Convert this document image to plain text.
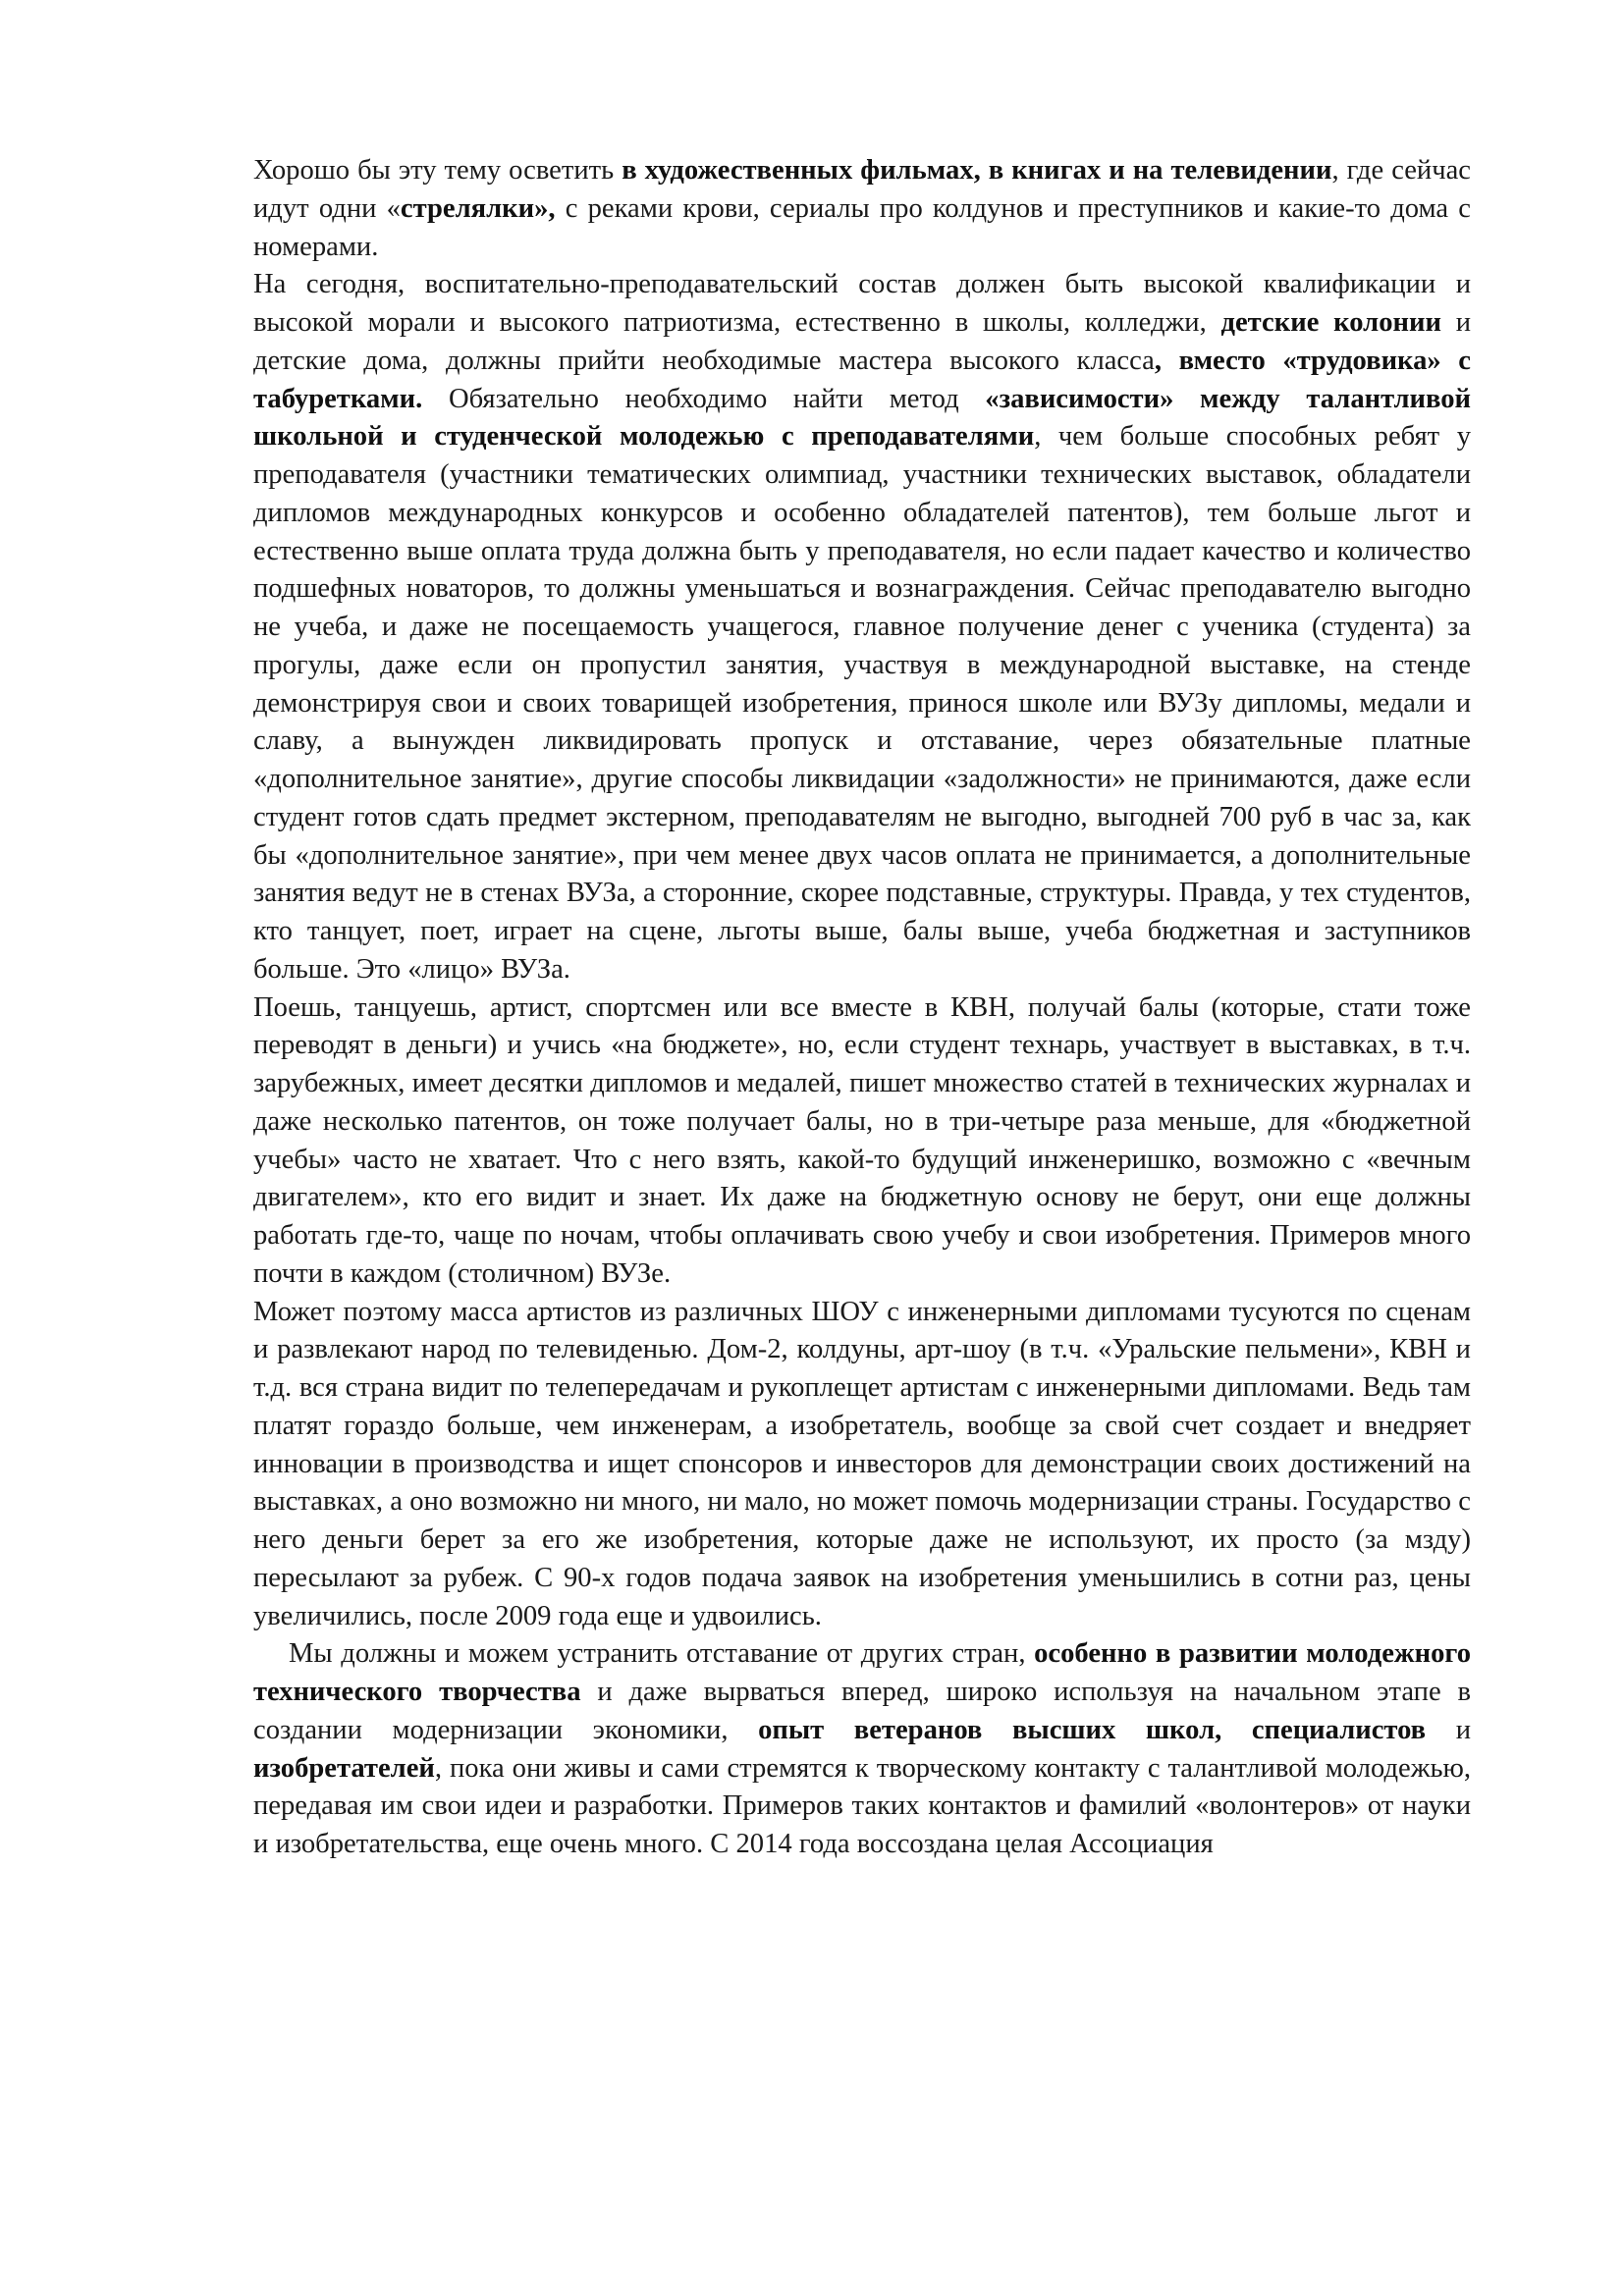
Хорошо бы эту тему осветить в художественных фильмах, в книгах и на телевидении, где сейчас идут одни «стрелялки», с реками крови, сериалы про колдунов и преступников и какие-то дома с номерами.

На сегодня, воспитательно-преподавательский состав должен быть высокой квалификации и высокой морали и высокого патриотизма, естественно в школы, колледжи, детские колонии и детские дома, должны прийти необходимые мастера высокого класса, вместо «трудовика» с табуретками. Обязательно необходимо найти метод «зависимости» между талантливой школьной и студенческой молодежью с преподавателями, чем больше способных ребят у преподавателя (участники тематических олимпиад, участники технических выставок, обладатели дипломов международных конкурсов и особенно обладателей патентов), тем больше льгот и естественно выше оплата труда должна быть у преподавателя, но если падает качество и количество подшефных новаторов, то должны уменьшаться и вознаграждения. Сейчас преподавателю выгодно не учеба, и даже не посещаемость учащегося, главное получение денег с ученика (студента) за прогулы, даже если он пропустил занятия, участвуя в международной выставке, на стенде демонстрируя свои и своих товарищей изобретения, принося школе или ВУЗу дипломы, медали и славу, а вынужден ликвидировать пропуск и отставание, через обязательные платные «дополнительное занятие», другие способы ликвидации «задолжности» не принимаются, даже если студент готов сдать предмет экстерном, преподавателям не выгодно, выгодней 700 руб в час за, как бы «дополнительное занятие», при чем менее двух часов оплата не принимается, а дополнительные занятия ведут не в стенах ВУЗа, а сторонние, скорее подставные, структуры. Правда, у тех студентов, кто танцует, поет, играет на сцене, льготы выше, балы выше, учеба бюджетная и заступников больше. Это «лицо» ВУЗа.

Поешь, танцуешь, артист, спортсмен или все вместе в КВН, получай балы (которые, стати тоже переводят в деньги) и учись «на бюджете», но, если студент технарь, участвует в выставках, в т.ч. зарубежных, имеет десятки дипломов и медалей, пишет множество статей в технических журналах и даже несколько патентов, он тоже получает балы, но в три-четыре раза меньше, для «бюджетной учебы» часто не хватает. Что с него взять, какой-то будущий инженеришко, возможно с «вечным двигателем», кто его видит и знает. Их даже на бюджетную основу не берут, они еще должны работать где-то, чаще по ночам, чтобы оплачивать свою учебу и свои изобретения. Примеров много почти в каждом (столичном) ВУЗе.

Может поэтому масса артистов из различных ШОУ с инженерными дипломами тусуются по сценам и развлекают народ по телевиденью. Дом-2, колдуны, арт-шоу (в т.ч. «Уральские пельмени», КВН и т.д. вся страна видит по телепередачам и рукоплещет артистам с инженерными дипломами. Ведь там платят гораздо больше, чем инженерам, а изобретатель, вообще за свой счет создает и внедряет инновации в производства и ищет спонсоров и инвесторов для демонстрации своих достижений на выставках, а оно возможно ни много, ни мало, но может помочь модернизации страны. Государство с него деньги берет за его же изобретения, которые даже не используют, их просто (за мзду) пересылают за рубеж. С 90-х годов подача заявок на изобретения уменьшились в сотни раз, цены увеличились, после 2009 года еще и удвоились.

Мы должны и можем устранить отставание от других стран, особенно в развитии молодежного технического творчества и даже вырваться вперед, широко используя на начальном этапе в создании модернизации экономики, опыт ветеранов высших школ, специалистов и изобретателей, пока они живы и сами стремятся к творческому контакту с талантливой молодежью, передавая им свои идеи и разработки. Примеров таких контактов и фамилий «волонтеров» от науки и изобретательства, еще очень много. С 2014 года воссоздана целая Ассоциация
